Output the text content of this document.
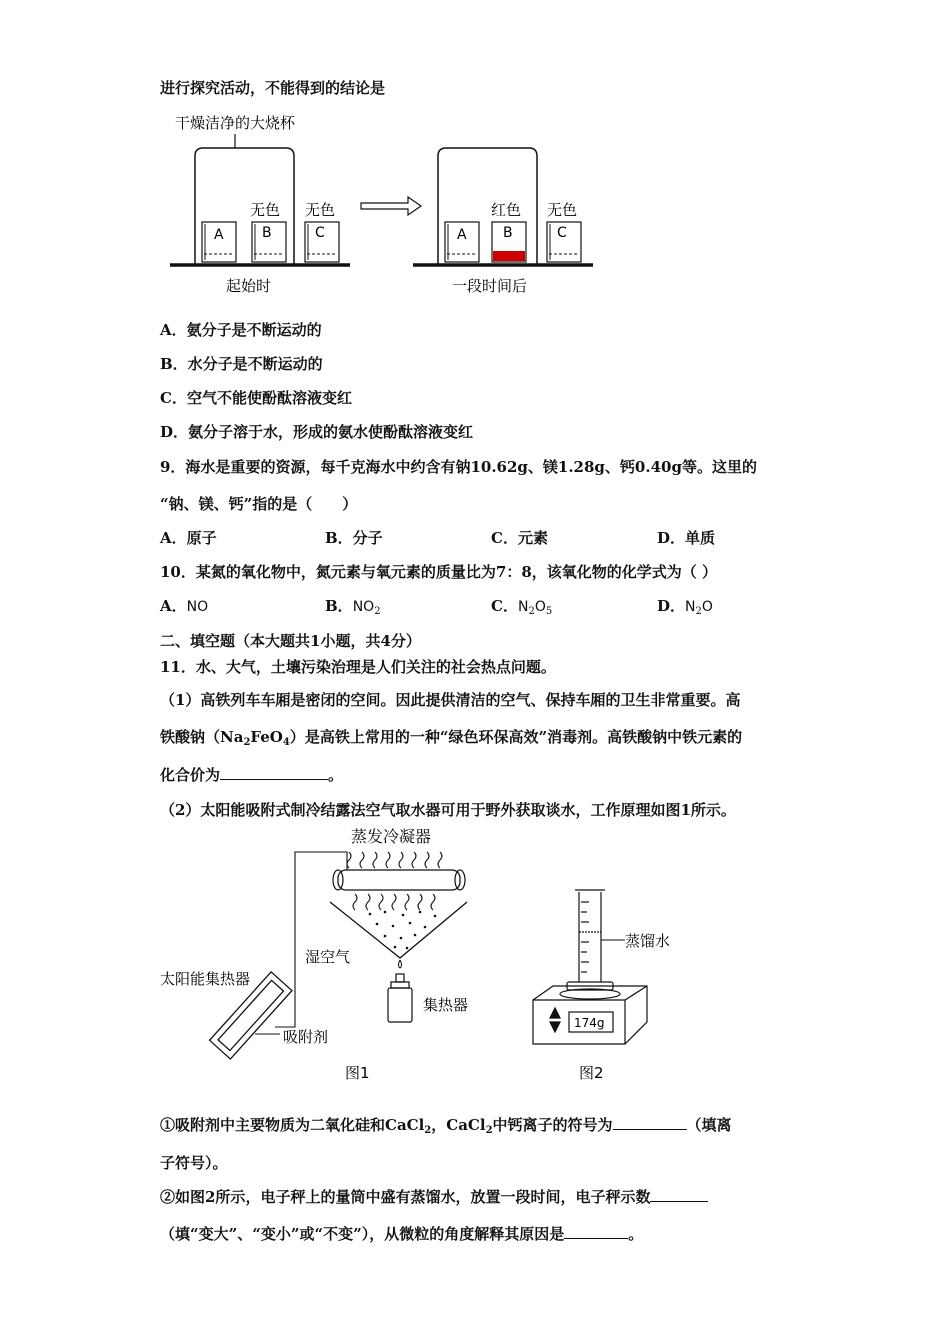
进行探究活动，不能得到的结论是
干燥洁净的大烧杯
A	B	C
无色 无色
起始时
A	B	C
红色 无色
一段时间后
A．氨分子是不断运动的
B．水分子是不断运动的
C．空气不能使酚酞溶液变红
D．氨分子溶于水，形成的氨水使酚酞溶液变红
9．海水是重要的资源，每千克海水中约含有钠10.62g、镁1.28g、钙0.40g等。这里的
“钠、镁、钙”指的是（　　）
A．原子	B．分子	C．元素	D．单质
10．某氮的氧化物中，氮元素与氧元素的质量比为7：8，该氧化物的化学式为（ ）
A．NO	B．$NO_2$	C．$N_2O_5$	D．$N_2O$
二、填空题（本大题共1小题，共4分）
11．水、大气，土壤污染治理是人们关注的社会热点问题。
（1）高铁列车车厢是密闭的空间。因此提供清洁的空气、保持车厢的卫生非常重要。高
铁酸钠$(Na_2FeO_4)$是高铁上常用的一种“绿色环保高效”消毒剂。高铁酸钠中铁元素的
化合价为	。
（2）太阳能吸附式制冷结露法空气取水器可用于野外获取谈水，工作原理如图1所示。
蒸发冷凝器
湿空气
集热器
太阳能集热器
吸附剂
图1
蒸馏水
174g
图2
①吸附剂中主要物质为二氧化硅和CaCl$_2$，CaCl$_2$中钙离子的符号为	（填离
子符号）。
②如图2所示，电子秤上的量筒中盛有蒸馏水，放置一段时间，电子秤示数
（填“变大”、“变小”或“不变”），从微粒的角度解释其原因是	。
